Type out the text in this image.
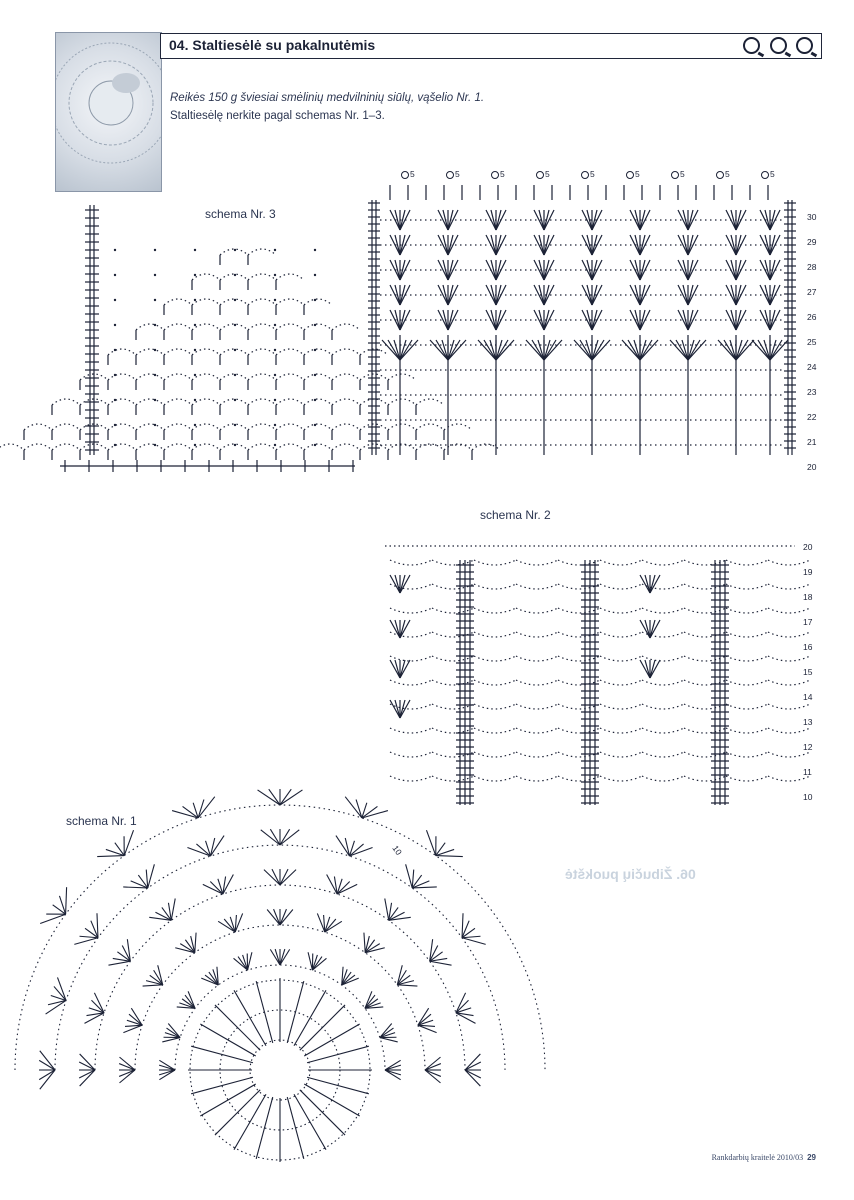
06. Žibučių puokštė
04. Staltiesėlė su pakalnutėmis

Reikės 150 g šviesiai smėlinių medvilninių siūlų, vąšelio Nr. 1.
Staltiesėlę nerkite pagal schemas Nr. 1–3.
schema Nr. 3	30
29
28
27
26
25
24
23
22
21
20
5	5	5	5	5	5	5	5	5
schema Nr. 2
20
19
18
17
16
15
14
13
12
11
10
schema Nr. 1
10
Rankdarbių kraitelė 2010/03 29
